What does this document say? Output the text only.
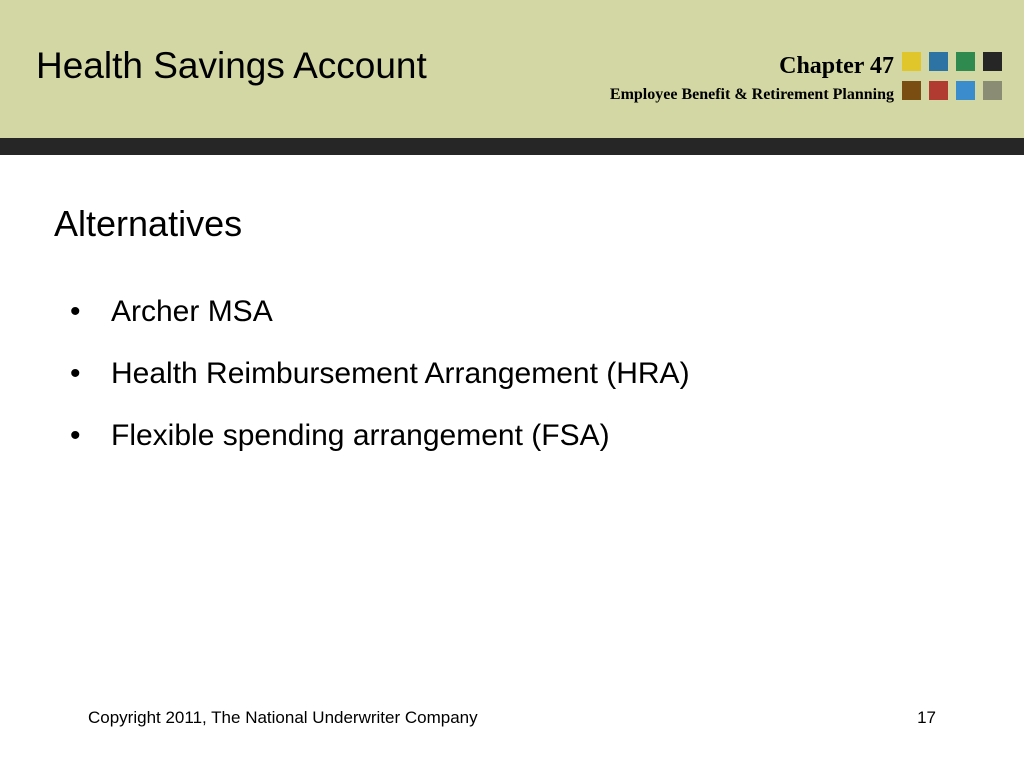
Health Savings Account	Chapter 47
Employee Benefit & Retirement Planning
Alternatives
•	Archer MSA
•	Health Reimbursement Arrangement (HRA)
•	Flexible spending arrangement (FSA)
Copyright 2011, The National Underwriter Company	17
